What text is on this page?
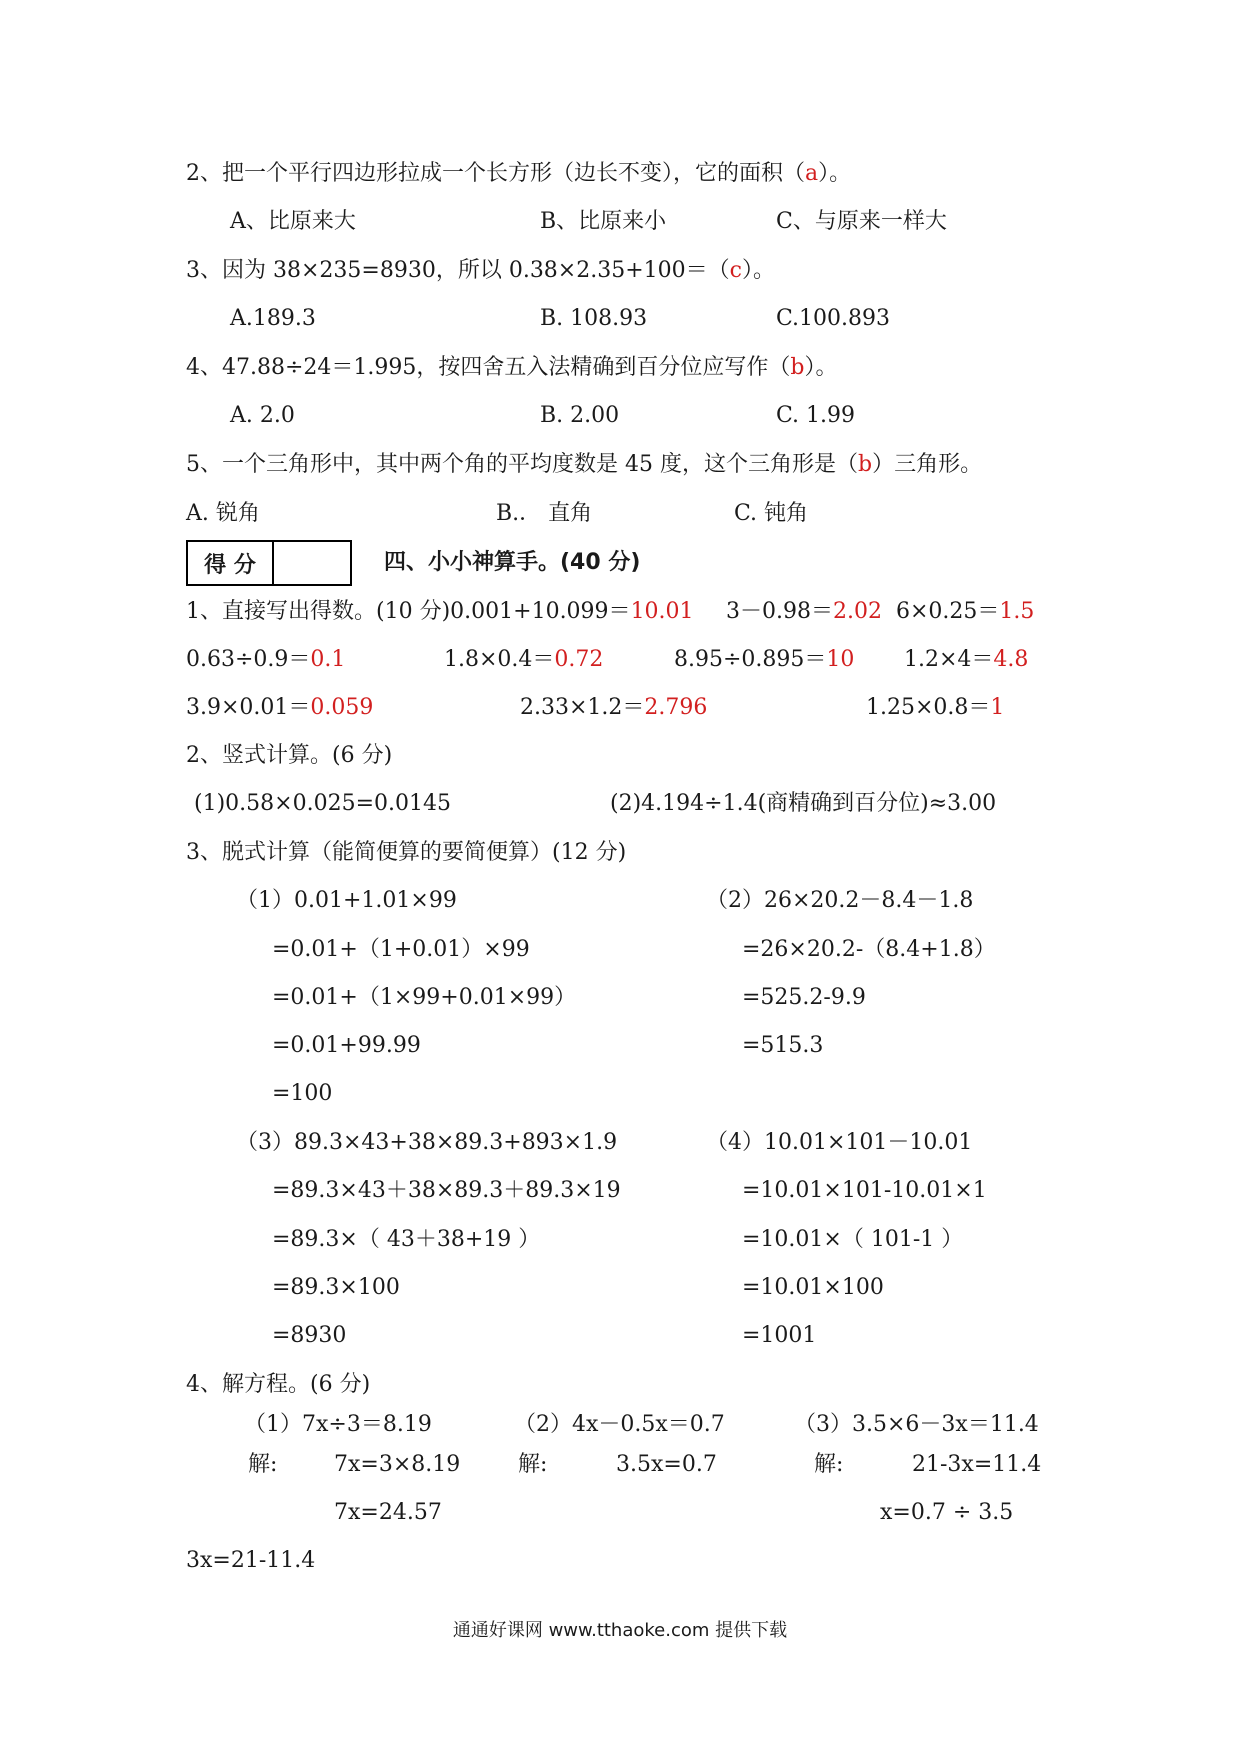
2、把一个平行四边形拉成一个长方形（边长不变），它的面积（a）。
A、比原来大	B、比原来小	C、与原来一样大
3、因为 38×235=8930，所以 0.38×2.35+100＝（c）。
A.189.3	B. 108.93	C.100.893
4、47.88÷24＝1.995，按四舍五入法精确到百分位应写作（b）。
A. 2.0	B. 2.00	C. 1.99
5、一个三角形中，其中两个角的平均度数是 45 度，这个三角形是（b）三角形。
A. 锐角	B.． 直角	C. 钝角
得 分	四、小小神算手。(40 分)
1、直接写出得数。(10 分)0.001+10.099＝10.01 3－0.98＝2.02 6×0.25＝1.5
0.63÷0.9＝0.1	1.8×0.4＝0.72	8.95÷0.895＝10 1.2×4＝4.8
3.9×0.01＝0.059	2.33×1.2＝2.796	1.25×0.8＝1
2、竖式计算。(6 分)
(1)0.58×0.025=0.0145	(2)4.194÷1.4(商精确到百分位)≈3.00
3、脱式计算（能简便算的要简便算）(12 分)
（1）0.01+1.01×99
=0.01+（1+0.01）×99
=0.01+（1×99+0.01×99）
=0.01+99.99
=100
（2）26×20.2－8.4－1.8
=26×20.2-（8.4+1.8）
=525.2-9.9
=515.3
（3）89.3×43+38×89.3+893×1.9
=89.3×43＋38×89.3＋89.3×19
=89.3×（ 43＋38+19 ）
=89.3×100
=8930
（4）10.01×101－10.01
=10.01×101-10.01×1
=10.01×（ 101-1 ）
=10.01×100
=1001
4、解方程。(6 分)
（1）7x÷3＝8.19	（2）4x－0.5x＝0.7	（3）3.5×6－3x＝11.4
解:	7x=3×8.19	解:	3.5x=0.7	解:	21-3x=11.4
7x=24.57	x=0.7 ÷ 3.5
3x=21-11.4
通通好课网 www.tthaoke.com 提供下载
